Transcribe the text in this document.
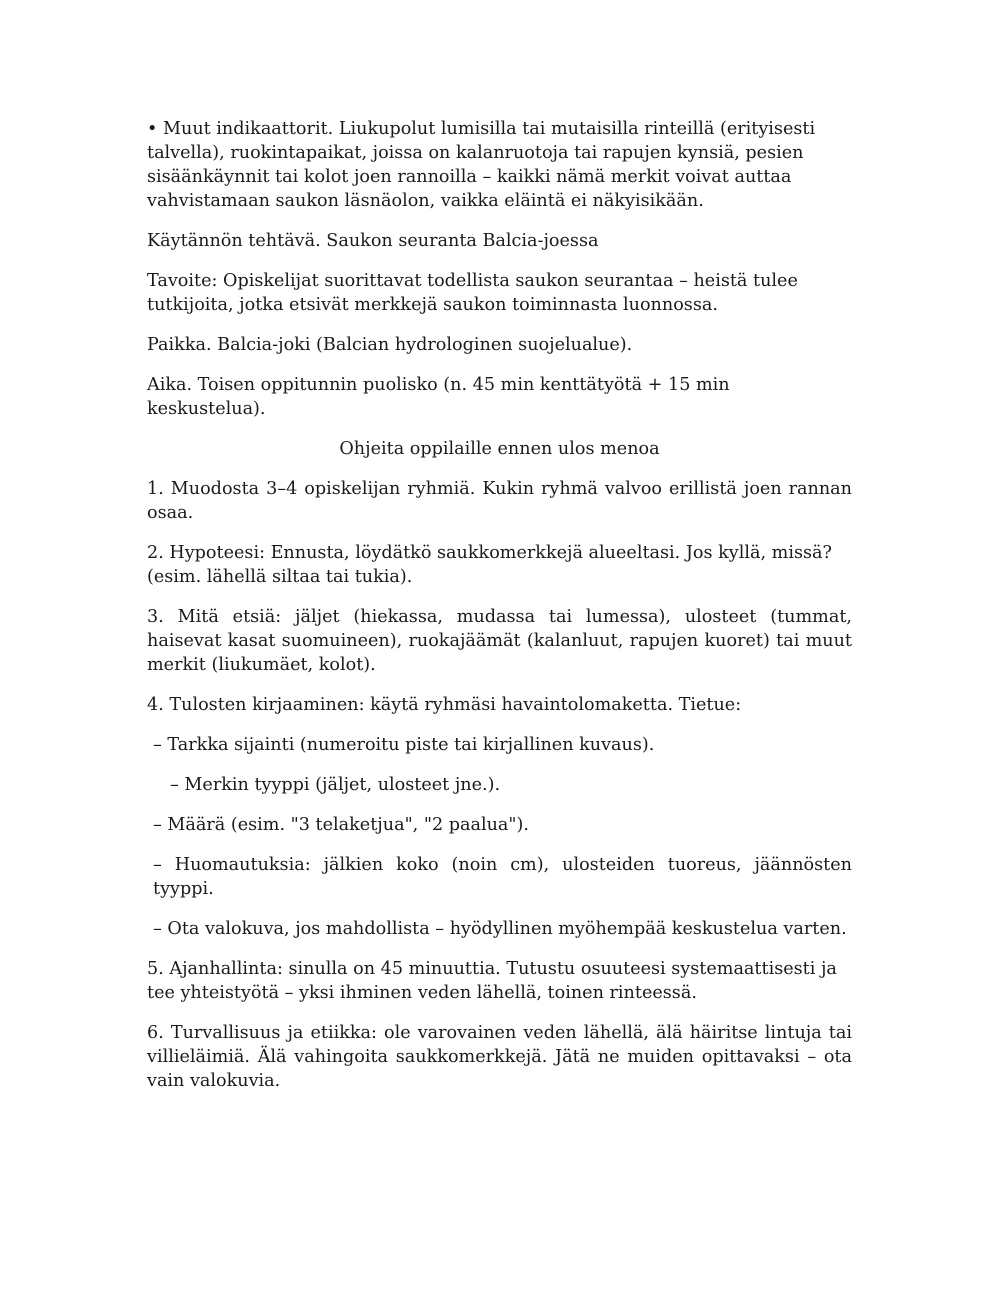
• Muut indikaattorit. Liukupolut lumisilla tai mutaisilla rinteillä (erityisesti talvella), ruokintapaikat, joissa on kalanruotoja tai rapujen kynsiä, pesien sisäänkäynnit tai kolot joen rannoilla – kaikki nämä merkit voivat auttaa vahvistamaan saukon läsnäolon, vaikka eläintä ei näkyisikään.

Käytännön tehtävä. Saukon seuranta Balcia-joessa

Tavoite: Opiskelijat suorittavat todellista saukon seurantaa – heistä tulee tutkijoita, jotka etsivät merkkejä saukon toiminnasta luonnossa.

Paikka. Balcia-joki (Balcian hydrologinen suojelualue).

Aika. Toisen oppitunnin puolisko (n. 45 min kenttätyötä + 15 min keskustelua).

Ohjeita oppilaille ennen ulos menoa

1. Muodosta 3–4 opiskelijan ryhmiä. Kukin ryhmä valvoo erillistä joen rannan osaa.

2. Hypoteesi: Ennusta, löydätkö saukkomerkkejä alueeltasi. Jos kyllä, missä? (esim. lähellä siltaa tai tukia).

3. Mitä etsiä: jäljet (hiekassa, mudassa tai lumessa), ulosteet (tummat, haisevat kasat suomuineen), ruokajäämät (kalanluut, rapujen kuoret) tai muut merkit (liukumäet, kolot).

4. Tulosten kirjaaminen: käytä ryhmäsi havaintolomaketta. Tietue:

– Tarkka sijainti (numeroitu piste tai kirjallinen kuvaus).

– Merkin tyyppi (jäljet, ulosteet jne.).

– Määrä (esim. "3 telaketjua", "2 paalua").

– Huomautuksia: jälkien koko (noin cm), ulosteiden tuoreus, jäännösten tyyppi.

– Ota valokuva, jos mahdollista – hyödyllinen myöhempää keskustelua varten.

5. Ajanhallinta: sinulla on 45 minuuttia. Tutustu osuuteesi systemaattisesti ja tee yhteistyötä – yksi ihminen veden lähellä, toinen rinteessä.

6. Turvallisuus ja etiikka: ole varovainen veden lähellä, älä häiritse lintuja tai villieläimiä. Älä vahingoita saukkomerkkejä. Jätä ne muiden opittavaksi – ota vain valokuvia.
